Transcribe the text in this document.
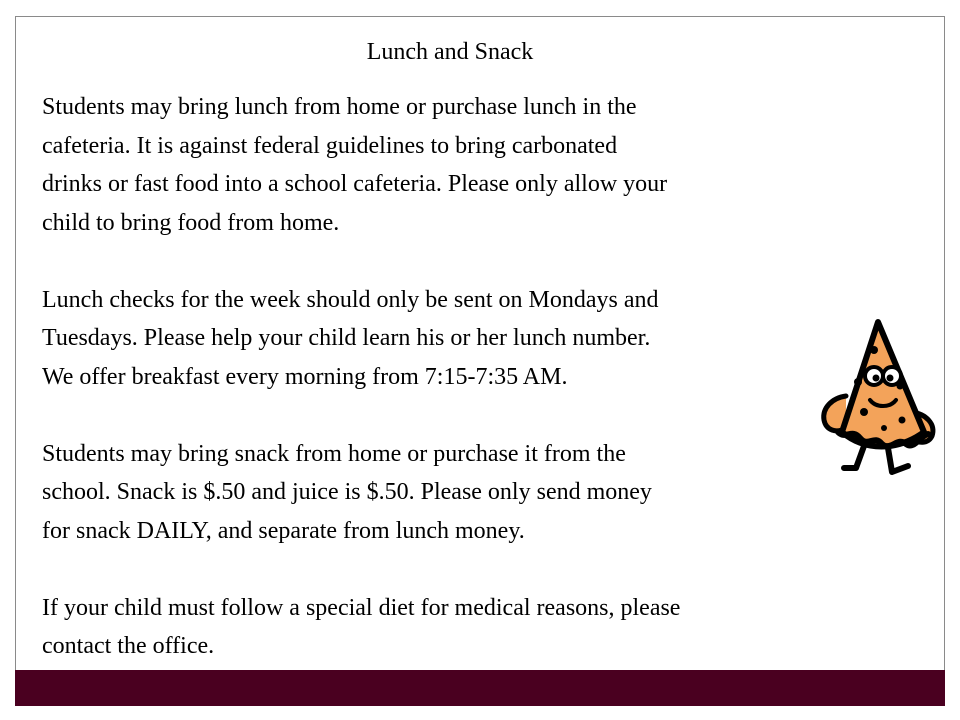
Lunch and Snack

Students may bring lunch from home or purchase lunch in the
cafeteria. It is against federal guidelines to bring carbonated
drinks or fast food into a school cafeteria. Please only allow your
child to bring food from home.

Lunch checks for the week should only be sent on Mondays and
Tuesdays. Please help your child learn his or her lunch number.
We offer breakfast every morning from 7:15-7:35 AM.

Students may bring snack from home or purchase it from the
school. Snack is $.50 and juice is $.50. Please only send money
for snack DAILY, and separate from lunch money.

If your child must follow a special diet for medical reasons, please
contact the office.
